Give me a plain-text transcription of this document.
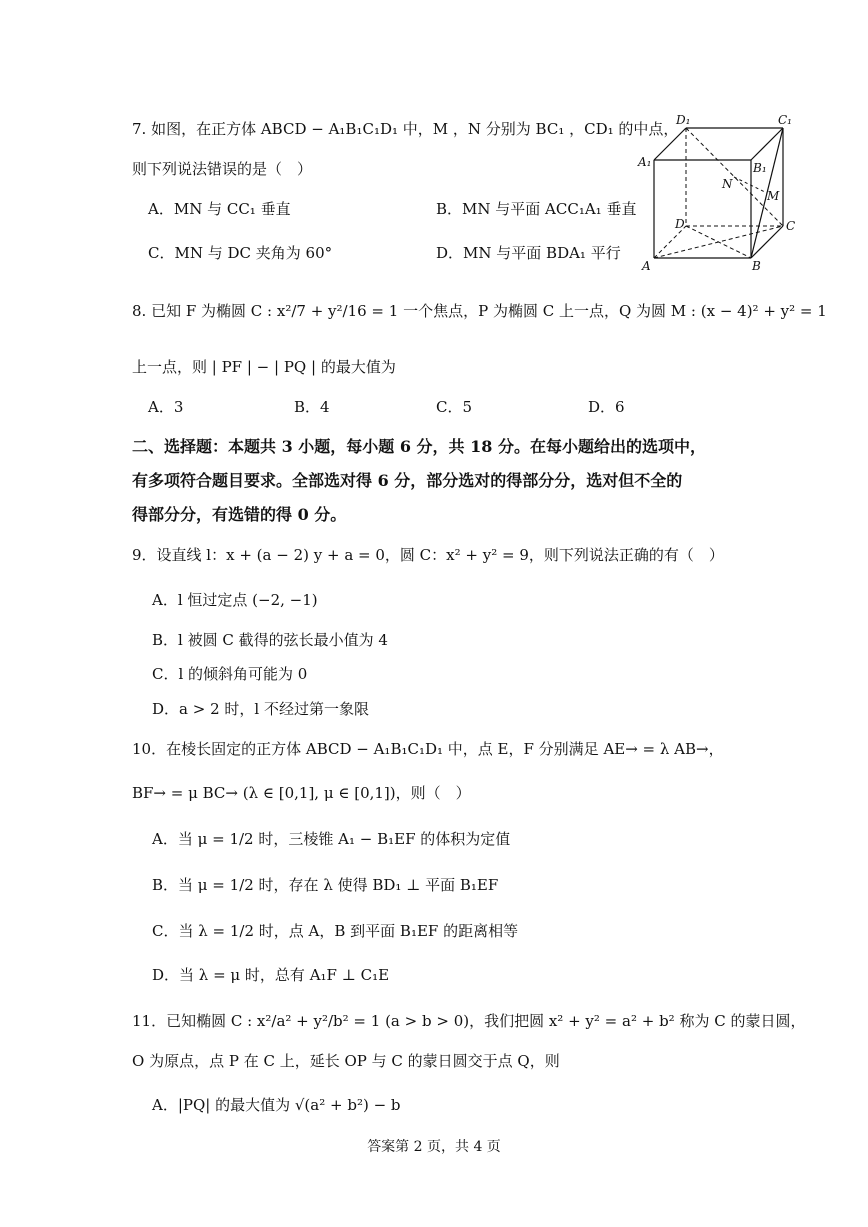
7. 如图，在正方体 ABCD − A₁B₁C₁D₁ 中，M ，N 分别为 BC₁ ，CD₁ 的中点，
则下列说法错误的是（　）
A．MN 与 CC₁ 垂直	B．MN 与平面 ACC₁A₁ 垂直
C．MN 与 DC 夹角为 60°	D．MN 与平面 BDA₁ 平行
D₁	C₁
A₁	B₁
N
M
D	C
A	B
8. 已知 F 为椭圆 C : x²/7 + y²/16 = 1 一个焦点，P 为椭圆 C 上一点，Q 为圆 M : (x − 4)² + y² = 1
上一点，则 | PF | − | PQ | 的最大值为
A．3	B．4	C．5	D．6
二、选择题：本题共 3 小题，每小题 6 分，共 18 分。在每小题给出的选项中，
有多项符合题目要求。全部选对得 6 分，部分选对的得部分分，选对但不全的
得部分分，有选错的得 0 分。
9．设直线 l：x + (a − 2) y + a = 0，圆 C：x² + y² = 9，则下列说法正确的有（　）
A．l 恒过定点 (−2, −1)
B．l 被圆 C 截得的弦长最小值为 4
C．l 的倾斜角可能为 0
D．a > 2 时，l 不经过第一象限
10．在棱长固定的正方体 ABCD − A₁B₁C₁D₁ 中，点 E，F 分别满足 AE→ = λ AB→，
BF→ = μ BC→ (λ ∈ [0,1], μ ∈ [0,1])，则（　）
A．当 μ = 1/2 时，三棱锥 A₁ − B₁EF 的体积为定值
B．当 μ = 1/2 时，存在 λ 使得 BD₁ ⊥ 平面 B₁EF
C．当 λ = 1/2 时，点 A，B 到平面 B₁EF 的距离相等
D．当 λ = μ 时，总有 A₁F ⊥ C₁E
11．已知椭圆 C : x²/a² + y²/b² = 1 (a > b > 0)，我们把圆 x² + y² = a² + b² 称为 C 的蒙日圆，
O 为原点，点 P 在 C 上，延长 OP 与 C 的蒙日圆交于点 Q，则
A．|PQ| 的最大值为 √(a² + b²) − b
答案第 2 页，共 4 页
